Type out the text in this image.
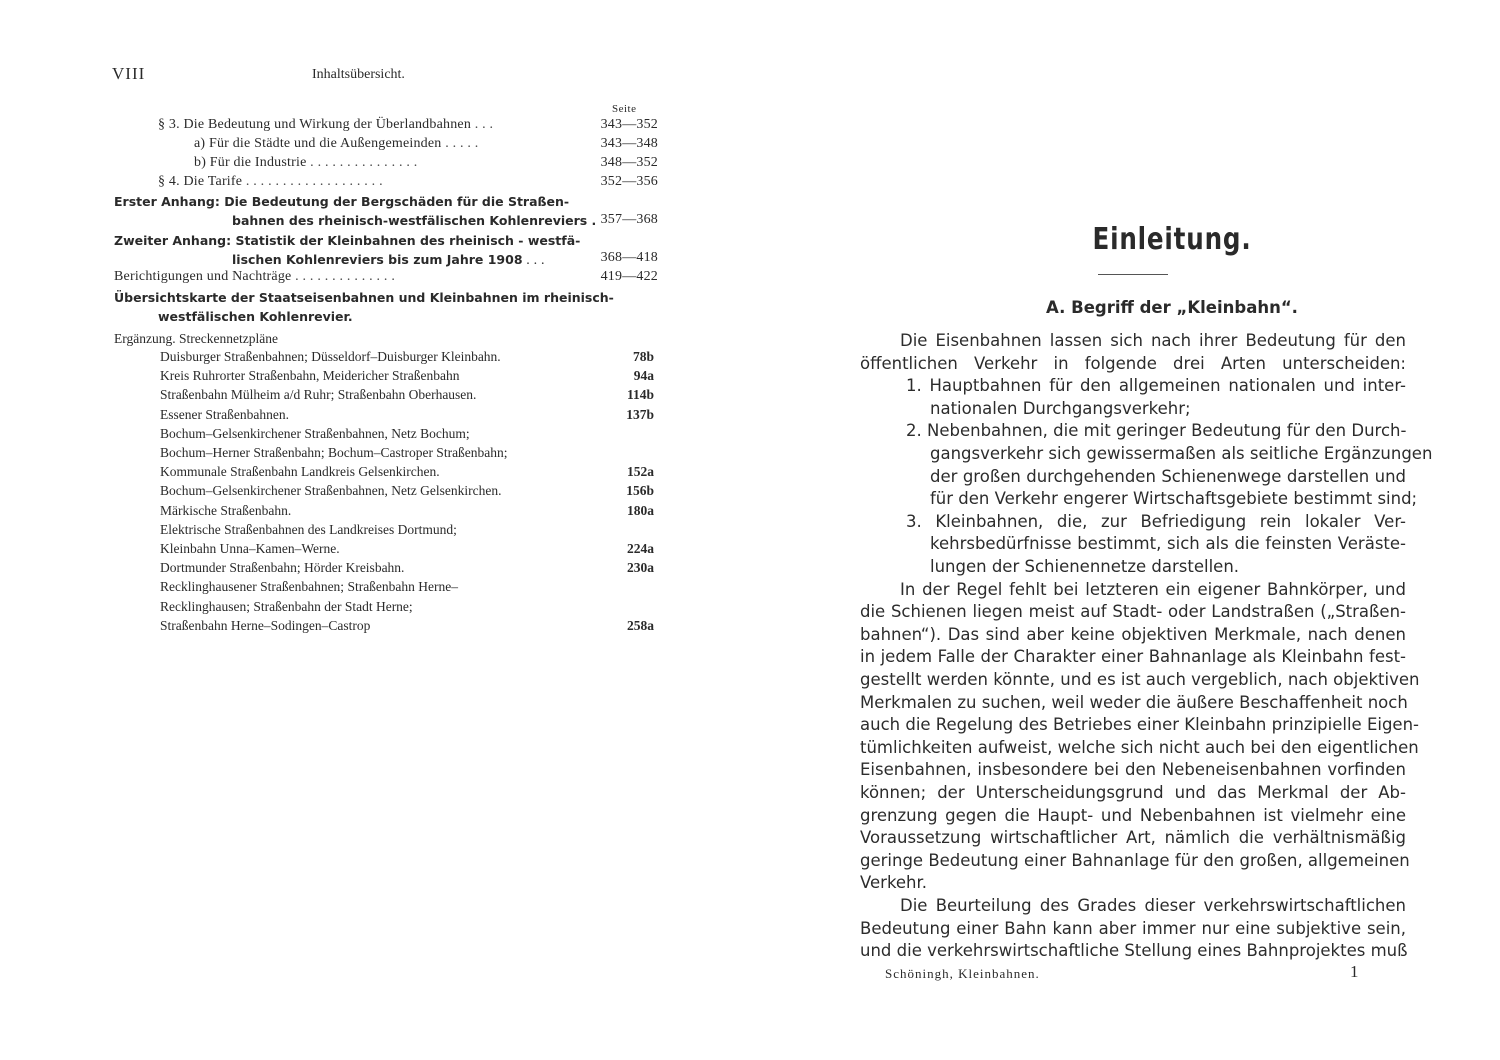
VIII	Inhaltsübersicht.
Seite
§ 3. Die Bedeutung und Wirkung der Überlandbahnen . . .	343—352
a) Für die Städte und die Außengemeinden . . . . .	343—348
b) Für die Industrie . . . . . . . . . . . . . . .	348—352
§ 4. Die Tarife . . . . . . . . . . . . . . . . . . .	352—356
Erster Anhang: Die Bedeutung der Bergschäden für die Straßen-
bahnen des rheinisch-westfälischen Kohlenreviers . 357—368
Zweiter Anhang: Statistik der Kleinbahnen des rheinisch - westfä-
lischen Kohlenreviers bis zum Jahre 1908 . . .	368—418
Berichtigungen und Nachträge . . . . . . . . . . . . . .	419—422
Übersichtskarte der Staatseisenbahnen und Kleinbahnen im rheinisch-
westfälischen Kohlenrevier.
Ergänzung. Streckennetzpläne
Duisburger Straßenbahnen; Düsseldorf–Duisburger Kleinbahn.	78b
Kreis Ruhrorter Straßenbahn, Meidericher Straßenbahn	94a
Straßenbahn Mülheim a/d Ruhr; Straßenbahn Oberhausen.	114b
Essener Straßenbahnen.	137b
Bochum–Gelsenkirchener Straßenbahnen, Netz Bochum;
Bochum–Herner Straßenbahn; Bochum–Castroper Straßenbahn;
Kommunale Straßenbahn Landkreis Gelsenkirchen.	152a
Bochum–Gelsenkirchener Straßenbahnen, Netz Gelsenkirchen.	156b
Märkische Straßenbahn.	180a
Elektrische Straßenbahnen des Landkreises Dortmund;
Kleinbahn Unna–Kamen–Werne.	224a
Dortmunder Straßenbahn; Hörder Kreisbahn.	230a
Recklinghausener Straßenbahnen; Straßenbahn Herne–
Recklinghausen; Straßenbahn der Stadt Herne;
Straßenbahn Herne–Sodingen–Castrop	258a
Einleitung.
A. Begriff der „Kleinbahn“.
Die Eisenbahnen lassen sich nach ihrer Bedeutung für den
öffentlichen Verkehr in folgende drei Arten unterscheiden:
1. Hauptbahnen für den allgemeinen nationalen und inter-
nationalen Durchgangsverkehr;
2. Nebenbahnen, die mit geringer Bedeutung für den Durch-
gangsverkehr sich gewissermaßen als seitliche Ergänzungen
der großen durchgehenden Schienenwege darstellen und
für den Verkehr engerer Wirtschaftsgebiete bestimmt sind;
3. Kleinbahnen, die, zur Befriedigung rein lokaler Ver-
kehrsbedürfnisse bestimmt, sich als die feinsten Veräste-
lungen der Schienennetze darstellen.
In der Regel fehlt bei letzteren ein eigener Bahnkörper, und
die Schienen liegen meist auf Stadt- oder Landstraßen („Straßen-
bahnen“). Das sind aber keine objektiven Merkmale, nach denen
in jedem Falle der Charakter einer Bahnanlage als Kleinbahn fest-
gestellt werden könnte, und es ist auch vergeblich, nach objektiven
Merkmalen zu suchen, weil weder die äußere Beschaffenheit noch
auch die Regelung des Betriebes einer Kleinbahn prinzipielle Eigen-
tümlichkeiten aufweist, welche sich nicht auch bei den eigentlichen
Eisenbahnen, insbesondere bei den Nebeneisenbahnen vorfinden
können; der Unterscheidungsgrund und das Merkmal der Ab-
grenzung gegen die Haupt- und Nebenbahnen ist vielmehr eine
Voraussetzung wirtschaftlicher Art, nämlich die verhältnismäßig
geringe Bedeutung einer Bahnanlage für den großen, allgemeinen
Verkehr.
Die Beurteilung des Grades dieser verkehrswirtschaftlichen
Bedeutung einer Bahn kann aber immer nur eine subjektive sein,
und die verkehrswirtschaftliche Stellung eines Bahnprojektes muß
Schöningh, Kleinbahnen.	1
